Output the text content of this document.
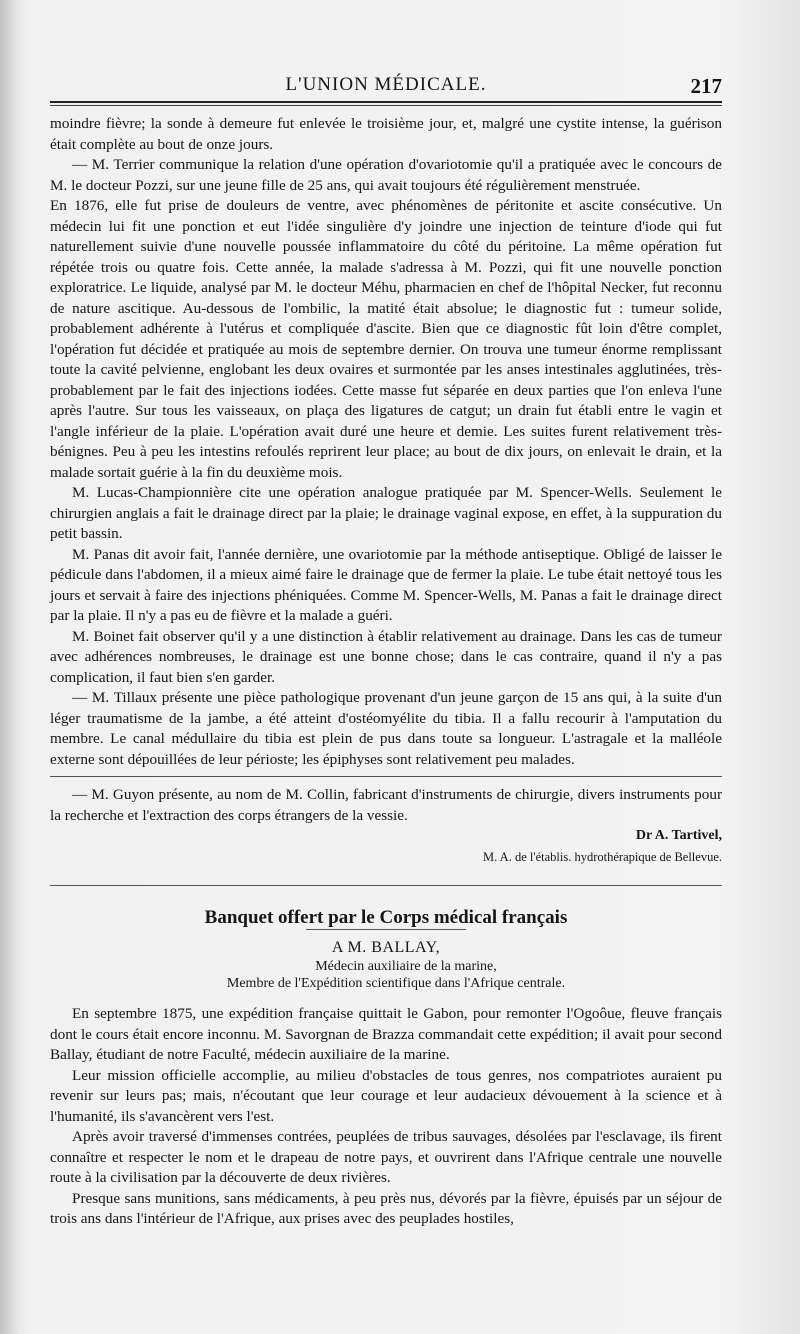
L'UNION MÉDICALE.	217

moindre fièvre; la sonde à demeure fut enlevée le troisième jour, et, malgré une cystite intense, la guérison était complète au bout de onze jours.

— M. Terrier communique la relation d'une opération d'ovariotomie qu'il a pratiquée avec le concours de M. le docteur Pozzi, sur une jeune fille de 25 ans, qui avait toujours été régulièrement menstruée.

En 1876, elle fut prise de douleurs de ventre, avec phénomènes de péritonite et ascite consécutive. Un médecin lui fit une ponction et eut l'idée singulière d'y joindre une injection de teinture d'iode qui fut naturellement suivie d'une nouvelle poussée inflammatoire du côté du péritoine. La même opération fut répétée trois ou quatre fois. Cette année, la malade s'adressa à M. Pozzi, qui fit une nouvelle ponction exploratrice. Le liquide, analysé par M. le docteur Méhu, pharmacien en chef de l'hôpital Necker, fut reconnu de nature ascitique. Au-dessous de l'ombilic, la matité était absolue; le diagnostic fut : tumeur solide, probablement adhérente à l'utérus et compliquée d'ascite. Bien que ce diagnostic fût loin d'être complet, l'opération fut décidée et pratiquée au mois de septembre dernier. On trouva une tumeur énorme remplissant toute la cavité pelvienne, englobant les deux ovaires et surmontée par les anses intestinales agglutinées, très-probablement par le fait des injections iodées. Cette masse fut séparée en deux parties que l'on enleva l'une après l'autre. Sur tous les vaisseaux, on plaça des ligatures de catgut; un drain fut établi entre le vagin et l'angle inférieur de la plaie. L'opération avait duré une heure et demie. Les suites furent relativement très-bénignes. Peu à peu les intestins refoulés reprirent leur place; au bout de dix jours, on enlevait le drain, et la malade sortait guérie à la fin du deuxième mois.

M. Lucas-Championnière cite une opération analogue pratiquée par M. Spencer-Wells. Seulement le chirurgien anglais a fait le drainage direct par la plaie; le drainage vaginal expose, en effet, à la suppuration du petit bassin.

M. Panas dit avoir fait, l'année dernière, une ovariotomie par la méthode antiseptique. Obligé de laisser le pédicule dans l'abdomen, il a mieux aimé faire le drainage que de fermer la plaie. Le tube était nettoyé tous les jours et servait à faire des injections phéniquées. Comme M. Spencer-Wells, M. Panas a fait le drainage direct par la plaie. Il n'y a pas eu de fièvre et la malade a guéri.

M. Boinet fait observer qu'il y a une distinction à établir relativement au drainage. Dans les cas de tumeur avec adhérences nombreuses, le drainage est une bonne chose; dans le cas contraire, quand il n'y a pas complication, il faut bien s'en garder.

— M. Tillaux présente une pièce pathologique provenant d'un jeune garçon de 15 ans qui, à la suite d'un léger traumatisme de la jambe, a été atteint d'ostéomyélite du tibia. Il a fallu recourir à l'amputation du membre. Le canal médullaire du tibia est plein de pus dans toute sa longueur. L'astragale et la malléole externe sont dépouillées de leur périoste; les épiphyses sont relativement peu malades.

— M. Guyon présente, au nom de M. Collin, fabricant d'instruments de chirurgie, divers instruments pour la recherche et l'extraction des corps étrangers de la vessie.

Dr A. Tartivel,

M. A. de l'établis. hydrothérapique de Bellevue.

Banquet offert par le Corps médical français

A M. BALLAY,

Médecin auxiliaire de la marine,

Membre de l'Expédition scientifique dans l'Afrique centrale.

En septembre 1875, une expédition française quittait le Gabon, pour remonter l'Ogoôue, fleuve français dont le cours était encore inconnu. M. Savorgnan de Brazza commandait cette expédition; il avait pour second Ballay, étudiant de notre Faculté, médecin auxiliaire de la marine.

Leur mission officielle accomplie, au milieu d'obstacles de tous genres, nos compatriotes auraient pu revenir sur leurs pas; mais, n'écoutant que leur courage et leur audacieux dévouement à la science et à l'humanité, ils s'avancèrent vers l'est.

Après avoir traversé d'immenses contrées, peuplées de tribus sauvages, désolées par l'esclavage, ils firent connaître et respecter le nom et le drapeau de notre pays, et ouvrirent dans l'Afrique centrale une nouvelle route à la civilisation par la découverte de deux rivières.

Presque sans munitions, sans médicaments, à peu près nus, dévorés par la fièvre, épuisés par un séjour de trois ans dans l'intérieur de l'Afrique, aux prises avec des peuplades hostiles,
